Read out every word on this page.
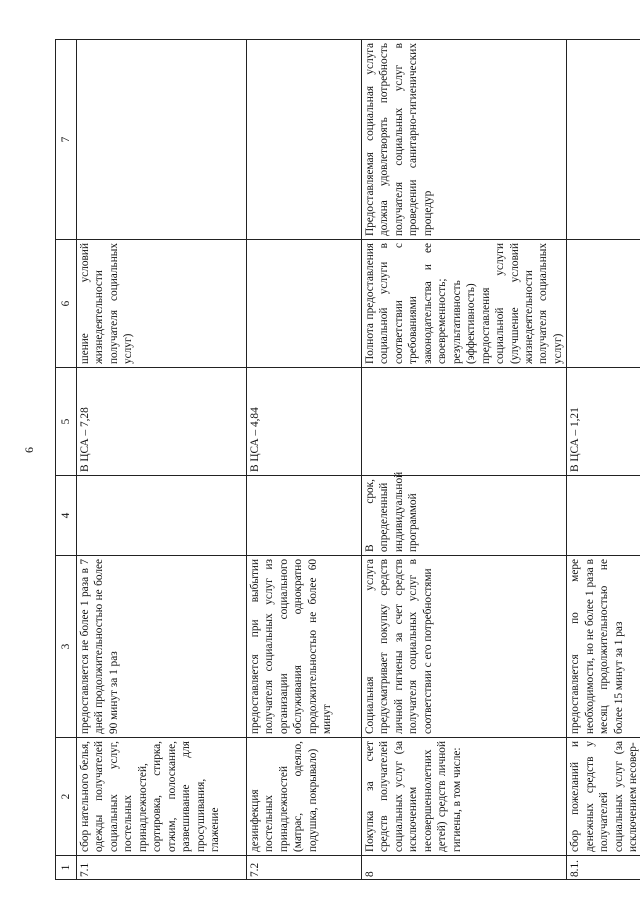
6
1	2	3	4	5	6	7
7.1	сбор нательного белья, одежды получателей социальных услуг, постельных принадлежностей, сортировка, стирка, отжим, полоскание, развешивание для просушивания, глажение	предоставляется не более 1 раза в 7 дней продолжительностью не более 90 минут за 1 раз		В ЦСА – 7,28	шение условий жизнедеятельности получателя социальных услуг)	
7.2	дезинфекция постельных принадлежностей (матрас, одеяло, подушка, покрывало)	предоставляется при выбытии получателя социальных услуг из организации социального обслуживания однократно продолжительностью не более 60 минут		В ЦСА – 4,84		
8	Покупка за счет средств получателей социальных услуг (за исключением несовершеннолетних детей) средств личной гигиены, в том числе:	Социальная услуга предусматривает покупку средств личной гигиены за счет средств получателя социальных услуг в соответствии с его потребностями	В срок, определенный индивидуальной программой		Полнота предоставления социальной услуги в соответствии с требованиями законодательства и ее своевременность; результативность (эффективность) предоставления социальной услуги (улучшение условий жизнедеятельности получателя социальных услуг)	Предоставляемая социальная услуга должна удовлетворять потребность получателя социальных услуг в проведении санитарно-гигиенических процедур
8.1.	сбор пожеланий и денежных средств у получателей социальных услуг (за исключением несовер-	предоставляется по мере необходимости, но не более 1 раза в месяц продолжительностью не более 15 минут за 1 раз		В ЦСА – 1,21		
